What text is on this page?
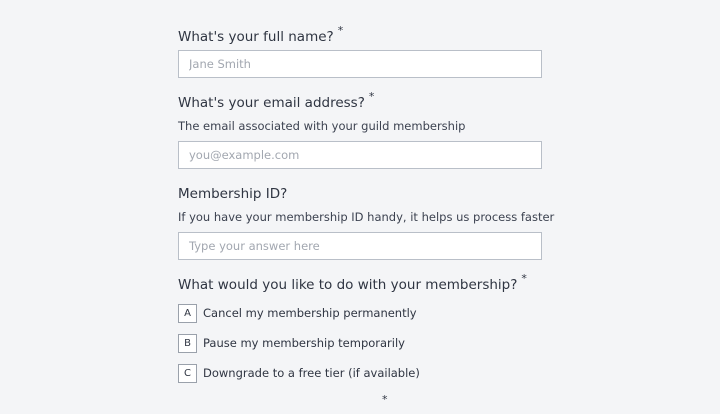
What's your full name? *
Jane Smith
What's your email address? *
The email associated with your guild membership
you@example.com
Membership ID?
If you have your membership ID handy, it helps us process faster
Type your answer here
What would you like to do with your membership? *
A	Cancel my membership permanently
B	Pause my membership temporarily
C	Downgrade to a free tier (if available)
*
